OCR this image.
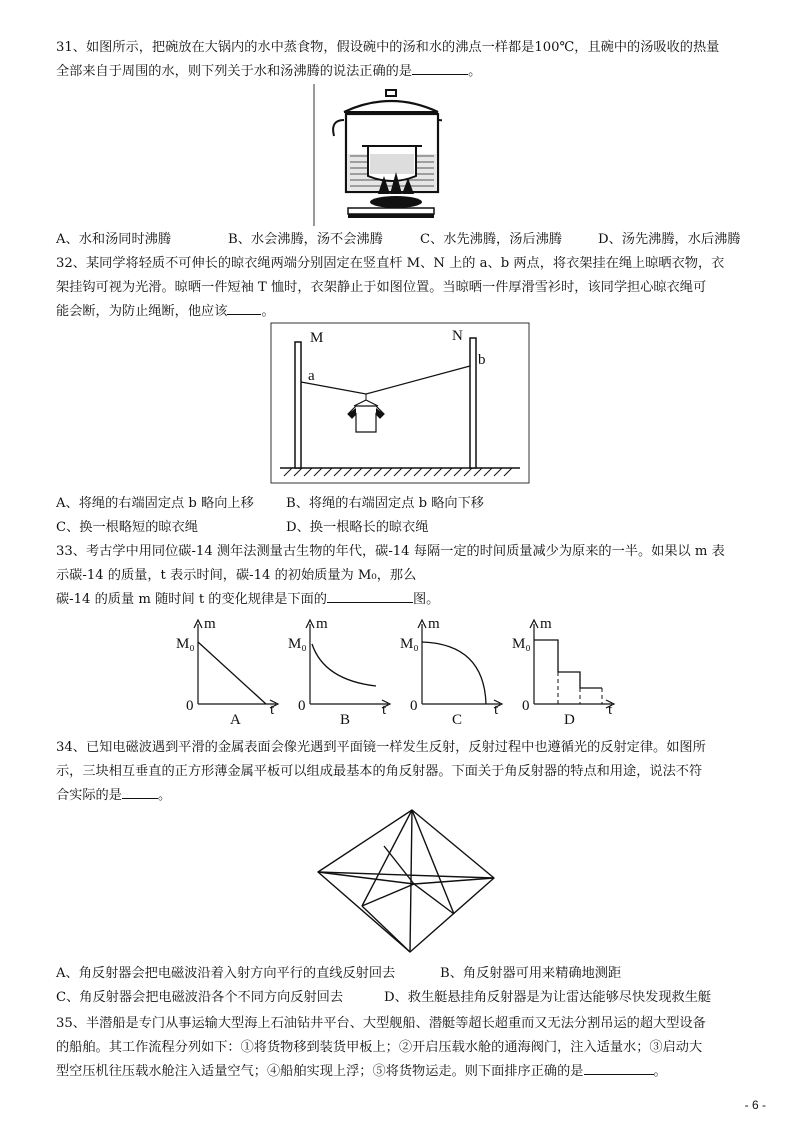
31、如图所示，把碗放在大锅内的水中蒸食物，假设碗中的汤和水的沸点一样都是100℃，且碗中的汤吸收的热量
全部来自于周围的水，则下列关于水和汤沸腾的说法正确的是	。
A、水和汤同时沸腾	B、水会沸腾，汤不会沸腾	C、水先沸腾，汤后沸腾	D、汤先沸腾，水后沸腾
32、某同学将轻质不可伸长的晾衣绳两端分别固定在竖直杆 M、N 上的 a、b 两点，将衣架挂在绳上晾晒衣物，衣
架挂钩可视为光滑。晾晒一件短袖 T 恤时，衣架静止于如图位置。当晾晒一件厚滑雪衫时，该同学担心晾衣绳可
能会断，为防止绳断，他应该	。
M	N
a
b
A、将绳的右端固定点 b 略向上移 B、将绳的右端固定点 b 略向下移
C、换一根略短的晾衣绳	D、换一根略长的晾衣绳
33、考古学中用同位碳-14 测年法测量古生物的年代，碳-14 每隔一定的时间质量减少为原来的一半。如果以 m 表
示碳-14 的质量，t 表示时间，碳-14 的初始质量为 M₀，那么
碳-14 的质量 m 随时间 t 的变化规律是下面的	图。
m
M₀
0	t
A
m
M₀
0	t
B
m
M₀
0	t
C
m
M₀
0	t
D
34、已知电磁波遇到平滑的金属表面会像光遇到平面镜一样发生反射，反射过程中也遵循光的反射定律。如图所
示，三块相互垂直的正方形薄金属平板可以组成最基本的角反射器。下面关于角反射器的特点和用途，说法不符
合实际的是	。
A、角反射器会把电磁波沿着入射方向平行的直线反射回去	B、角反射器可用来精确地测距
C、角反射器会把电磁波沿各个不同方向反射回去	D、救生艇悬挂角反射器是为让雷达能够尽快发现救生艇
35、半潜船是专门从事运输大型海上石油钻井平台、大型舰船、潜艇等超长超重而又无法分割吊运的超大型设备
的船舶。其工作流程分列如下：①将货物移到装货甲板上；②开启压载水舱的通海阀门，注入适量水；③启动大
型空压机往压载水舱注入适量空气；④船舶实现上浮；⑤将货物运走。则下面排序正确的是	。
- 6 -
